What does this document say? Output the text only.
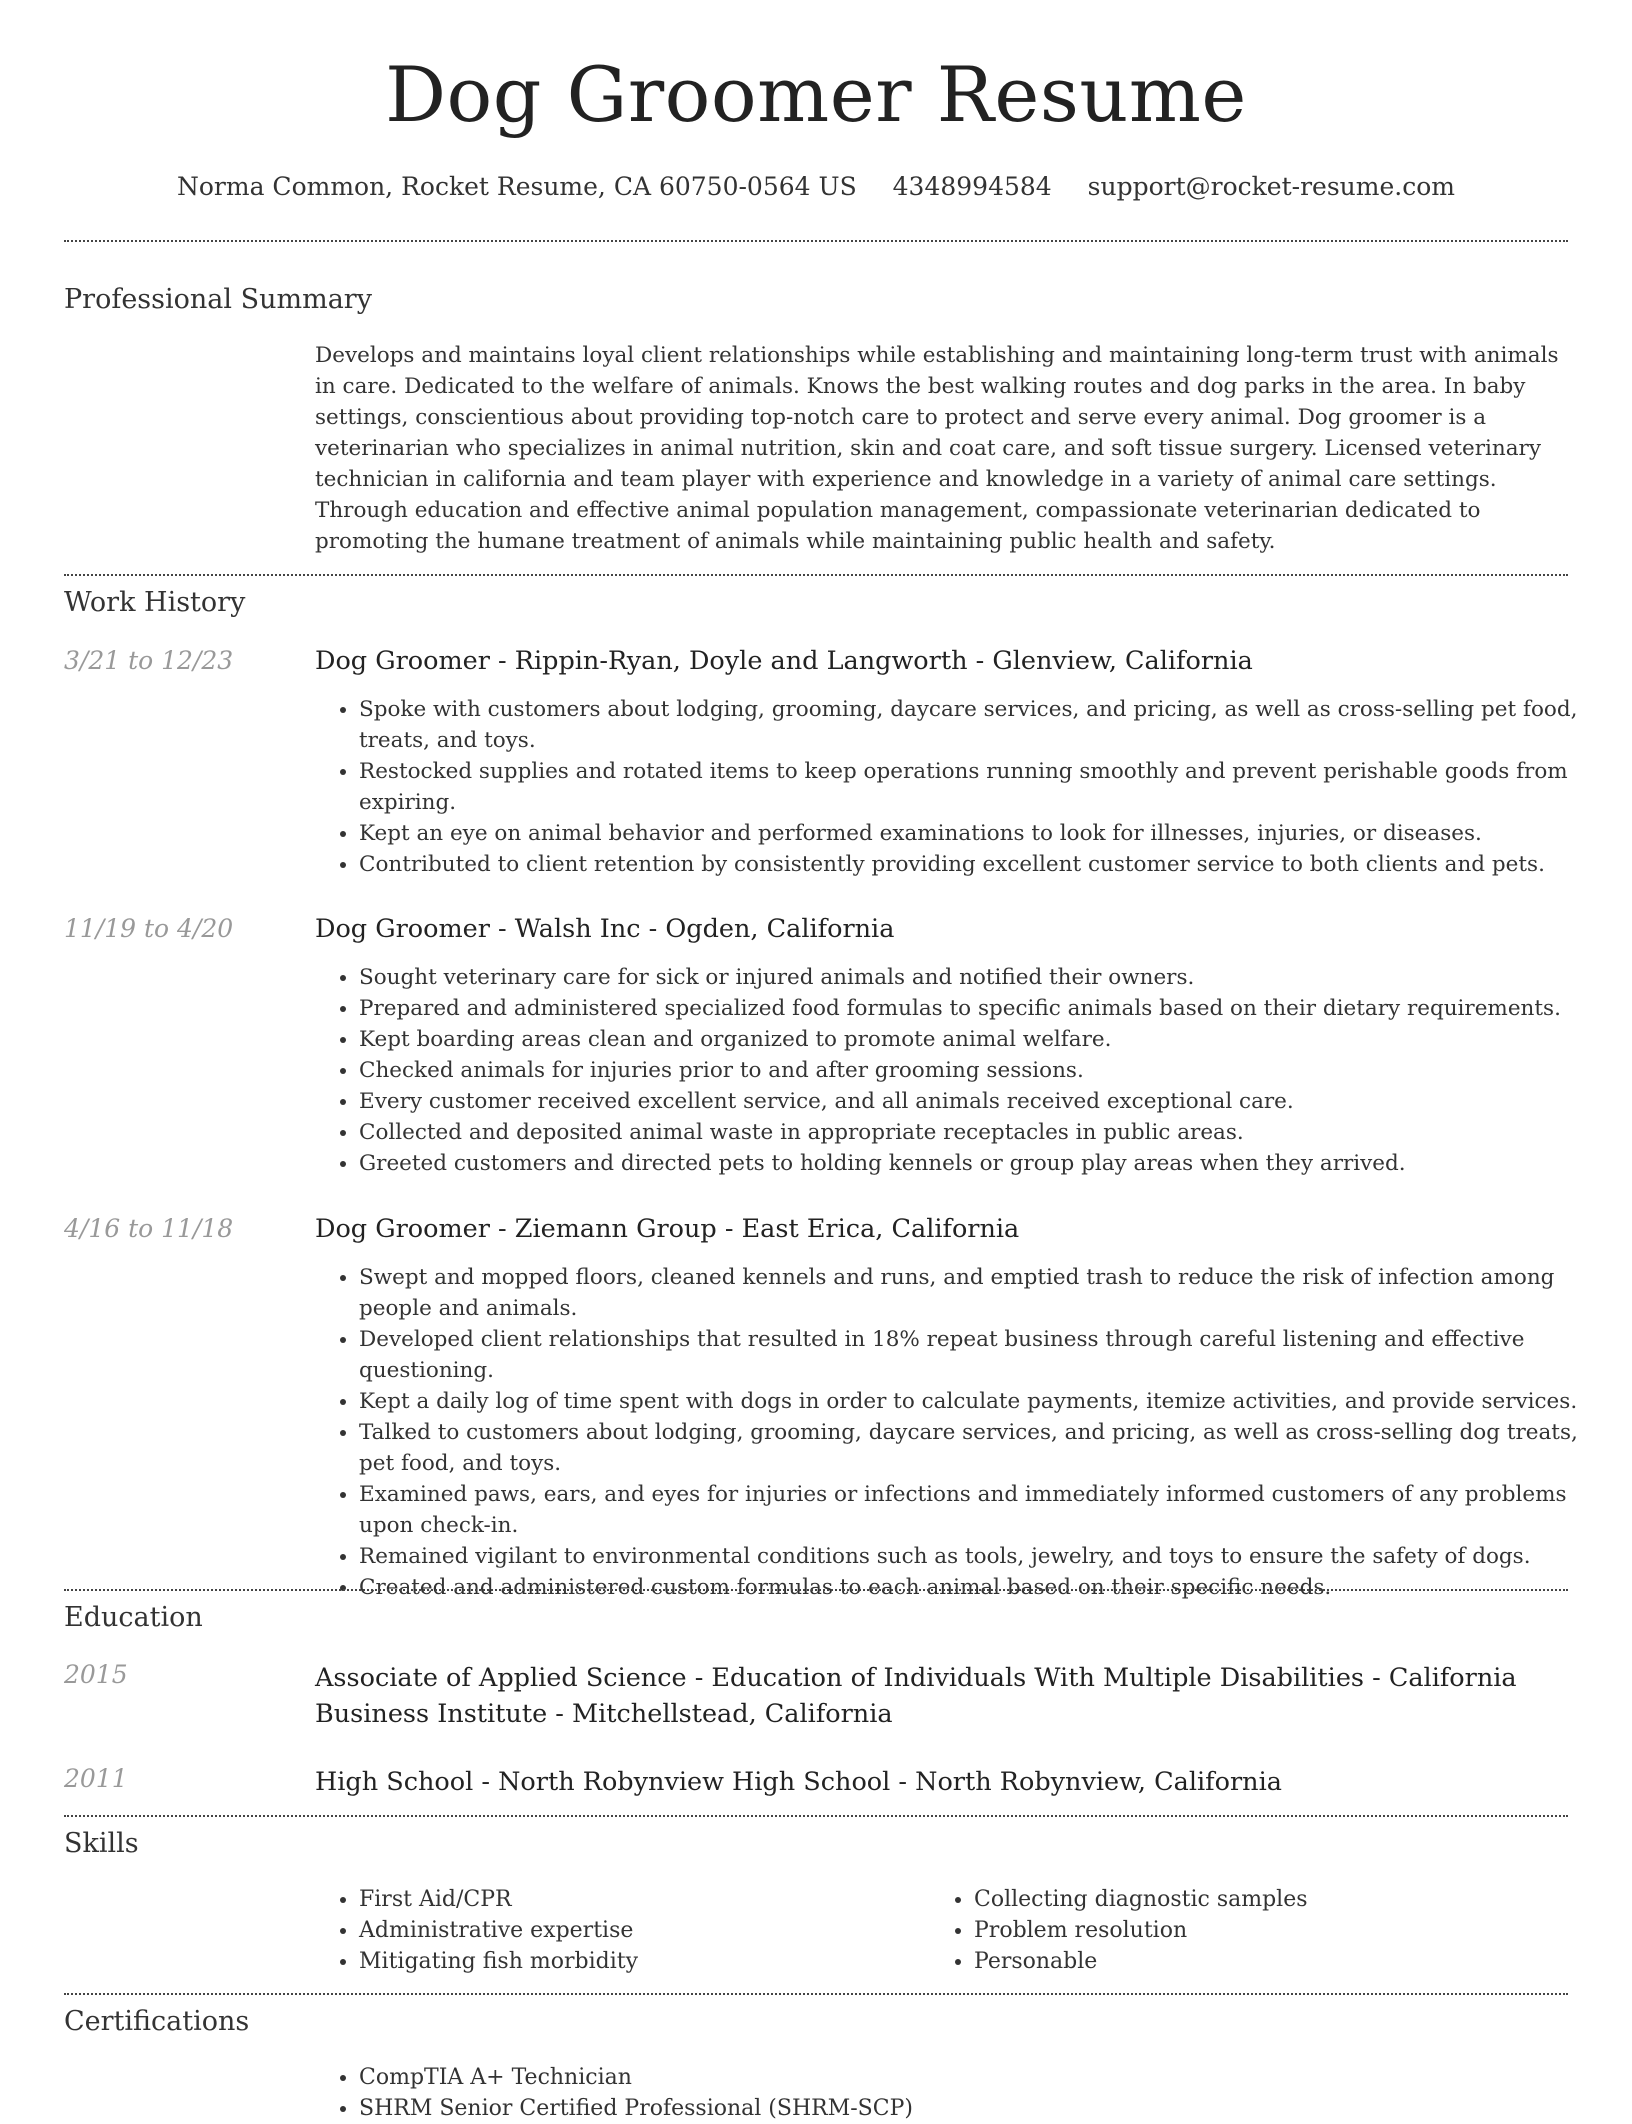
Dog Groomer Resume
Norma Common, Rocket Resume, CA 60750-0564 US 4348994584 support@rocket-resume.com
Professional Summary

Develops and maintains loyal client relationships while establishing and maintaining long-term trust with animals in care. Dedicated to the welfare of animals. Knows the best walking routes and dog parks in the area. In baby settings, conscientious about providing top-notch care to protect and serve every animal. Dog groomer is a veterinarian who specializes in animal nutrition, skin and coat care, and soft tissue surgery. Licensed veterinary technician in california and team player with experience and knowledge in a variety of animal care settings. Through education and effective animal population management, compassionate veterinarian dedicated to promoting the humane treatment of animals while maintaining public health and safety.

Work History
3/21 to 12/23	Dog Groomer - Rippin-Ryan, Doyle and Langworth - Glenview, California
• Spoke with customers about lodging, grooming, daycare services, and pricing, as well as cross-selling pet food, treats, and toys.
• Restocked supplies and rotated items to keep operations running smoothly and prevent perishable goods from expiring.
• Kept an eye on animal behavior and performed examinations to look for illnesses, injuries, or diseases.
• Contributed to client retention by consistently providing excellent customer service to both clients and pets.
11/19 to 4/20	Dog Groomer - Walsh Inc - Ogden, California
• Sought veterinary care for sick or injured animals and notified their owners.
• Prepared and administered specialized food formulas to specific animals based on their dietary requirements.
• Kept boarding areas clean and organized to promote animal welfare.
• Checked animals for injuries prior to and after grooming sessions.
• Every customer received excellent service, and all animals received exceptional care.
• Collected and deposited animal waste in appropriate receptacles in public areas.
• Greeted customers and directed pets to holding kennels or group play areas when they arrived.
4/16 to 11/18	Dog Groomer - Ziemann Group - East Erica, California
• Swept and mopped floors, cleaned kennels and runs, and emptied trash to reduce the risk of infection among people and animals.
• Developed client relationships that resulted in 18% repeat business through careful listening and effective questioning.
• Kept a daily log of time spent with dogs in order to calculate payments, itemize activities, and provide services.
• Talked to customers about lodging, grooming, daycare services, and pricing, as well as cross-selling dog treats, pet food, and toys.
• Examined paws, ears, and eyes for injuries or infections and immediately informed customers of any problems upon check-in.
• Remained vigilant to environmental conditions such as tools, jewelry, and toys to ensure the safety of dogs.
• Created and administered custom formulas to each animal based on their specific needs.
Education
2015	Associate of Applied Science - Education of Individuals With Multiple Disabilities - California Business Institute - Mitchellstead, California
2011	High School - North Robynview High School - North Robynview, California
Skills
• First Aid/CPR
• Administrative expertise
• Mitigating fish morbidity
• Collecting diagnostic samples
• Problem resolution
• Personable
Certifications
• CompTIA A+ Technician
• SHRM Senior Certified Professional (SHRM-SCP)
